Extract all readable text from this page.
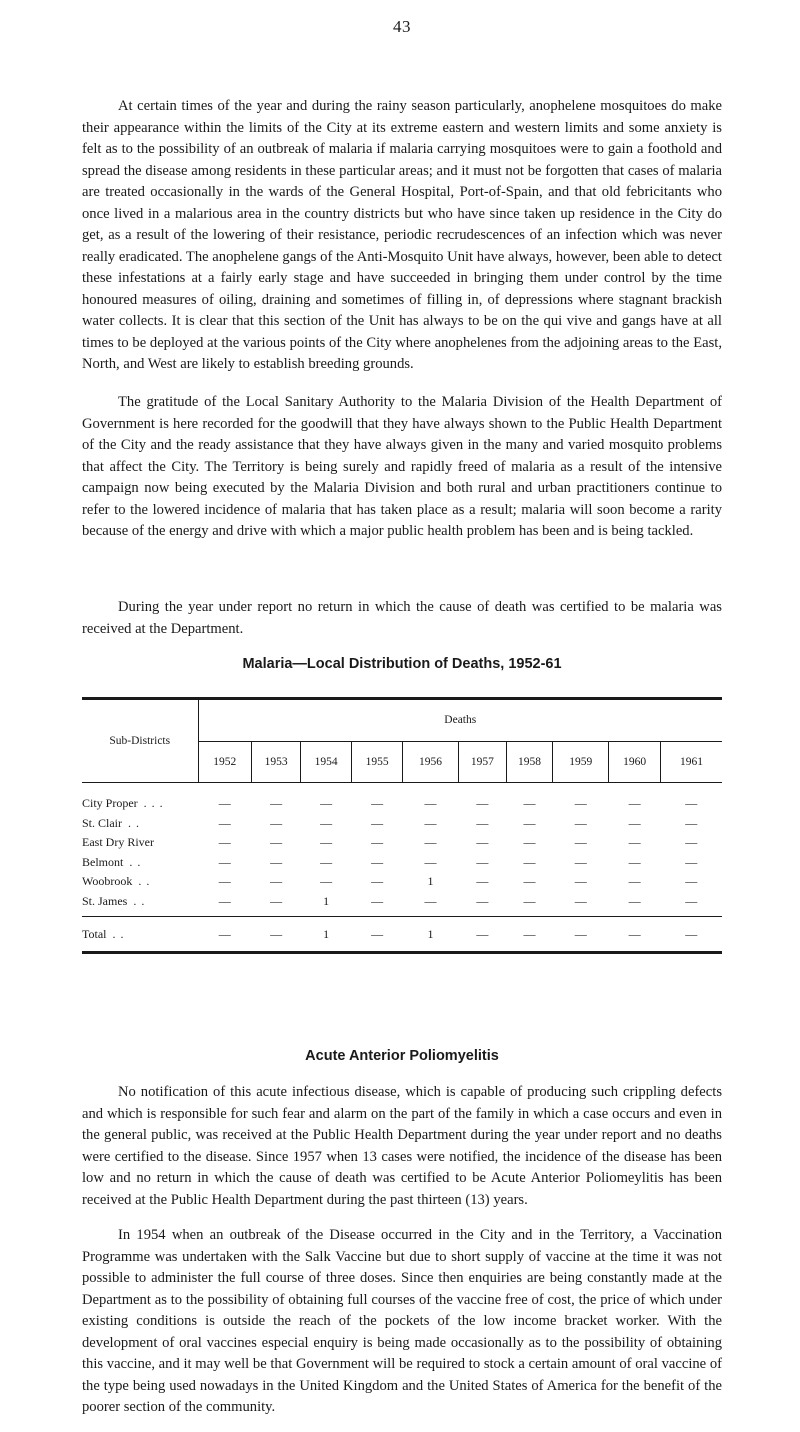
43

At certain times of the year and during the rainy season particularly, anophelene mosquitoes do make their appearance within the limits of the City at its extreme eastern and western limits and some anxiety is felt as to the possibility of an outbreak of malaria if malaria carrying mosquitoes were to gain a foothold and spread the disease among residents in these particular areas; and it must not be forgotten that cases of malaria are treated occasionally in the wards of the General Hospital, Port-of-Spain, and that old febricitants who once lived in a malarious area in the country districts but who have since taken up residence in the City do get, as a result of the lowering of their resistance, periodic recrudescences of an infection which was never really eradicated. The anophelene gangs of the Anti-Mosquito Unit have always, however, been able to detect these infestations at a fairly early stage and have succeeded in bringing them under control by the time honoured measures of oiling, draining and sometimes of filling in, of depressions where stagnant brackish water collects. It is clear that this section of the Unit has always to be on the qui vive and gangs have at all times to be deployed at the various points of the City where anophelenes from the adjoining areas to the East, North, and West are likely to establish breeding grounds.

The gratitude of the Local Sanitary Authority to the Malaria Division of the Health Department of Government is here recorded for the goodwill that they have always shown to the Public Health Department of the City and the ready assistance that they have always given in the many and varied mosquito problems that affect the City. The Territory is being surely and rapidly freed of malaria as a result of the intensive campaign now being executed by the Malaria Division and both rural and urban practitioners continue to refer to the lowered incidence of malaria that has taken place as a result; malaria will soon become a rarity because of the energy and drive with which a major public health problem has been and is being tackled.

During the year under report no return in which the cause of death was certified to be malaria was received at the Department.

Malaria—Local Distribution of Deaths, 1952-61
Sub-Districts	Deaths									
	1952	1953	1954	1955	1956	1957	1958	1959	1960	1961
City Proper . . .	—	—	—	—	—	—	—	—	—	—
St. Clair . .	—	—	—	—	—	—	—	—	—	—
East Dry River	—	—	—	—	—	—	—	—	—	—
Belmont . .	—	—	—	—	—	—	—	—	—	—
Woobrook . .	—	—	—	—	1	—	—	—	—	—
St. James . .	—	—	1	—	—	—	—	—	—	—
Total . .	—	—	1	—	1	—	—	—	—	—
Acute Anterior Poliomyelitis

No notification of this acute infectious disease, which is capable of producing such crippling defects and which is responsible for such fear and alarm on the part of the family in which a case occurs and even in the general public, was received at the Public Health Department during the year under report and no deaths were certified to the disease. Since 1957 when 13 cases were notified, the incidence of the disease has been low and no return in which the cause of death was certified to be Acute Anterior Poliomeylitis has been received at the Public Health Department during the past thirteen (13) years.

In 1954 when an outbreak of the Disease occurred in the City and in the Territory, a Vaccination Programme was undertaken with the Salk Vaccine but due to short supply of vaccine at the time it was not possible to administer the full course of three doses. Since then enquiries are being constantly made at the Department as to the possibility of obtaining full courses of the vaccine free of cost, the price of which under existing conditions is outside the reach of the pockets of the low income bracket worker. With the development of oral vaccines especial enquiry is being made occasionally as to the possibility of obtaining this vaccine, and it may well be that Government will be required to stock a certain amount of oral vaccine of the type being used nowadays in the United Kingdom and the United States of America for the benefit of the poorer section of the community.
